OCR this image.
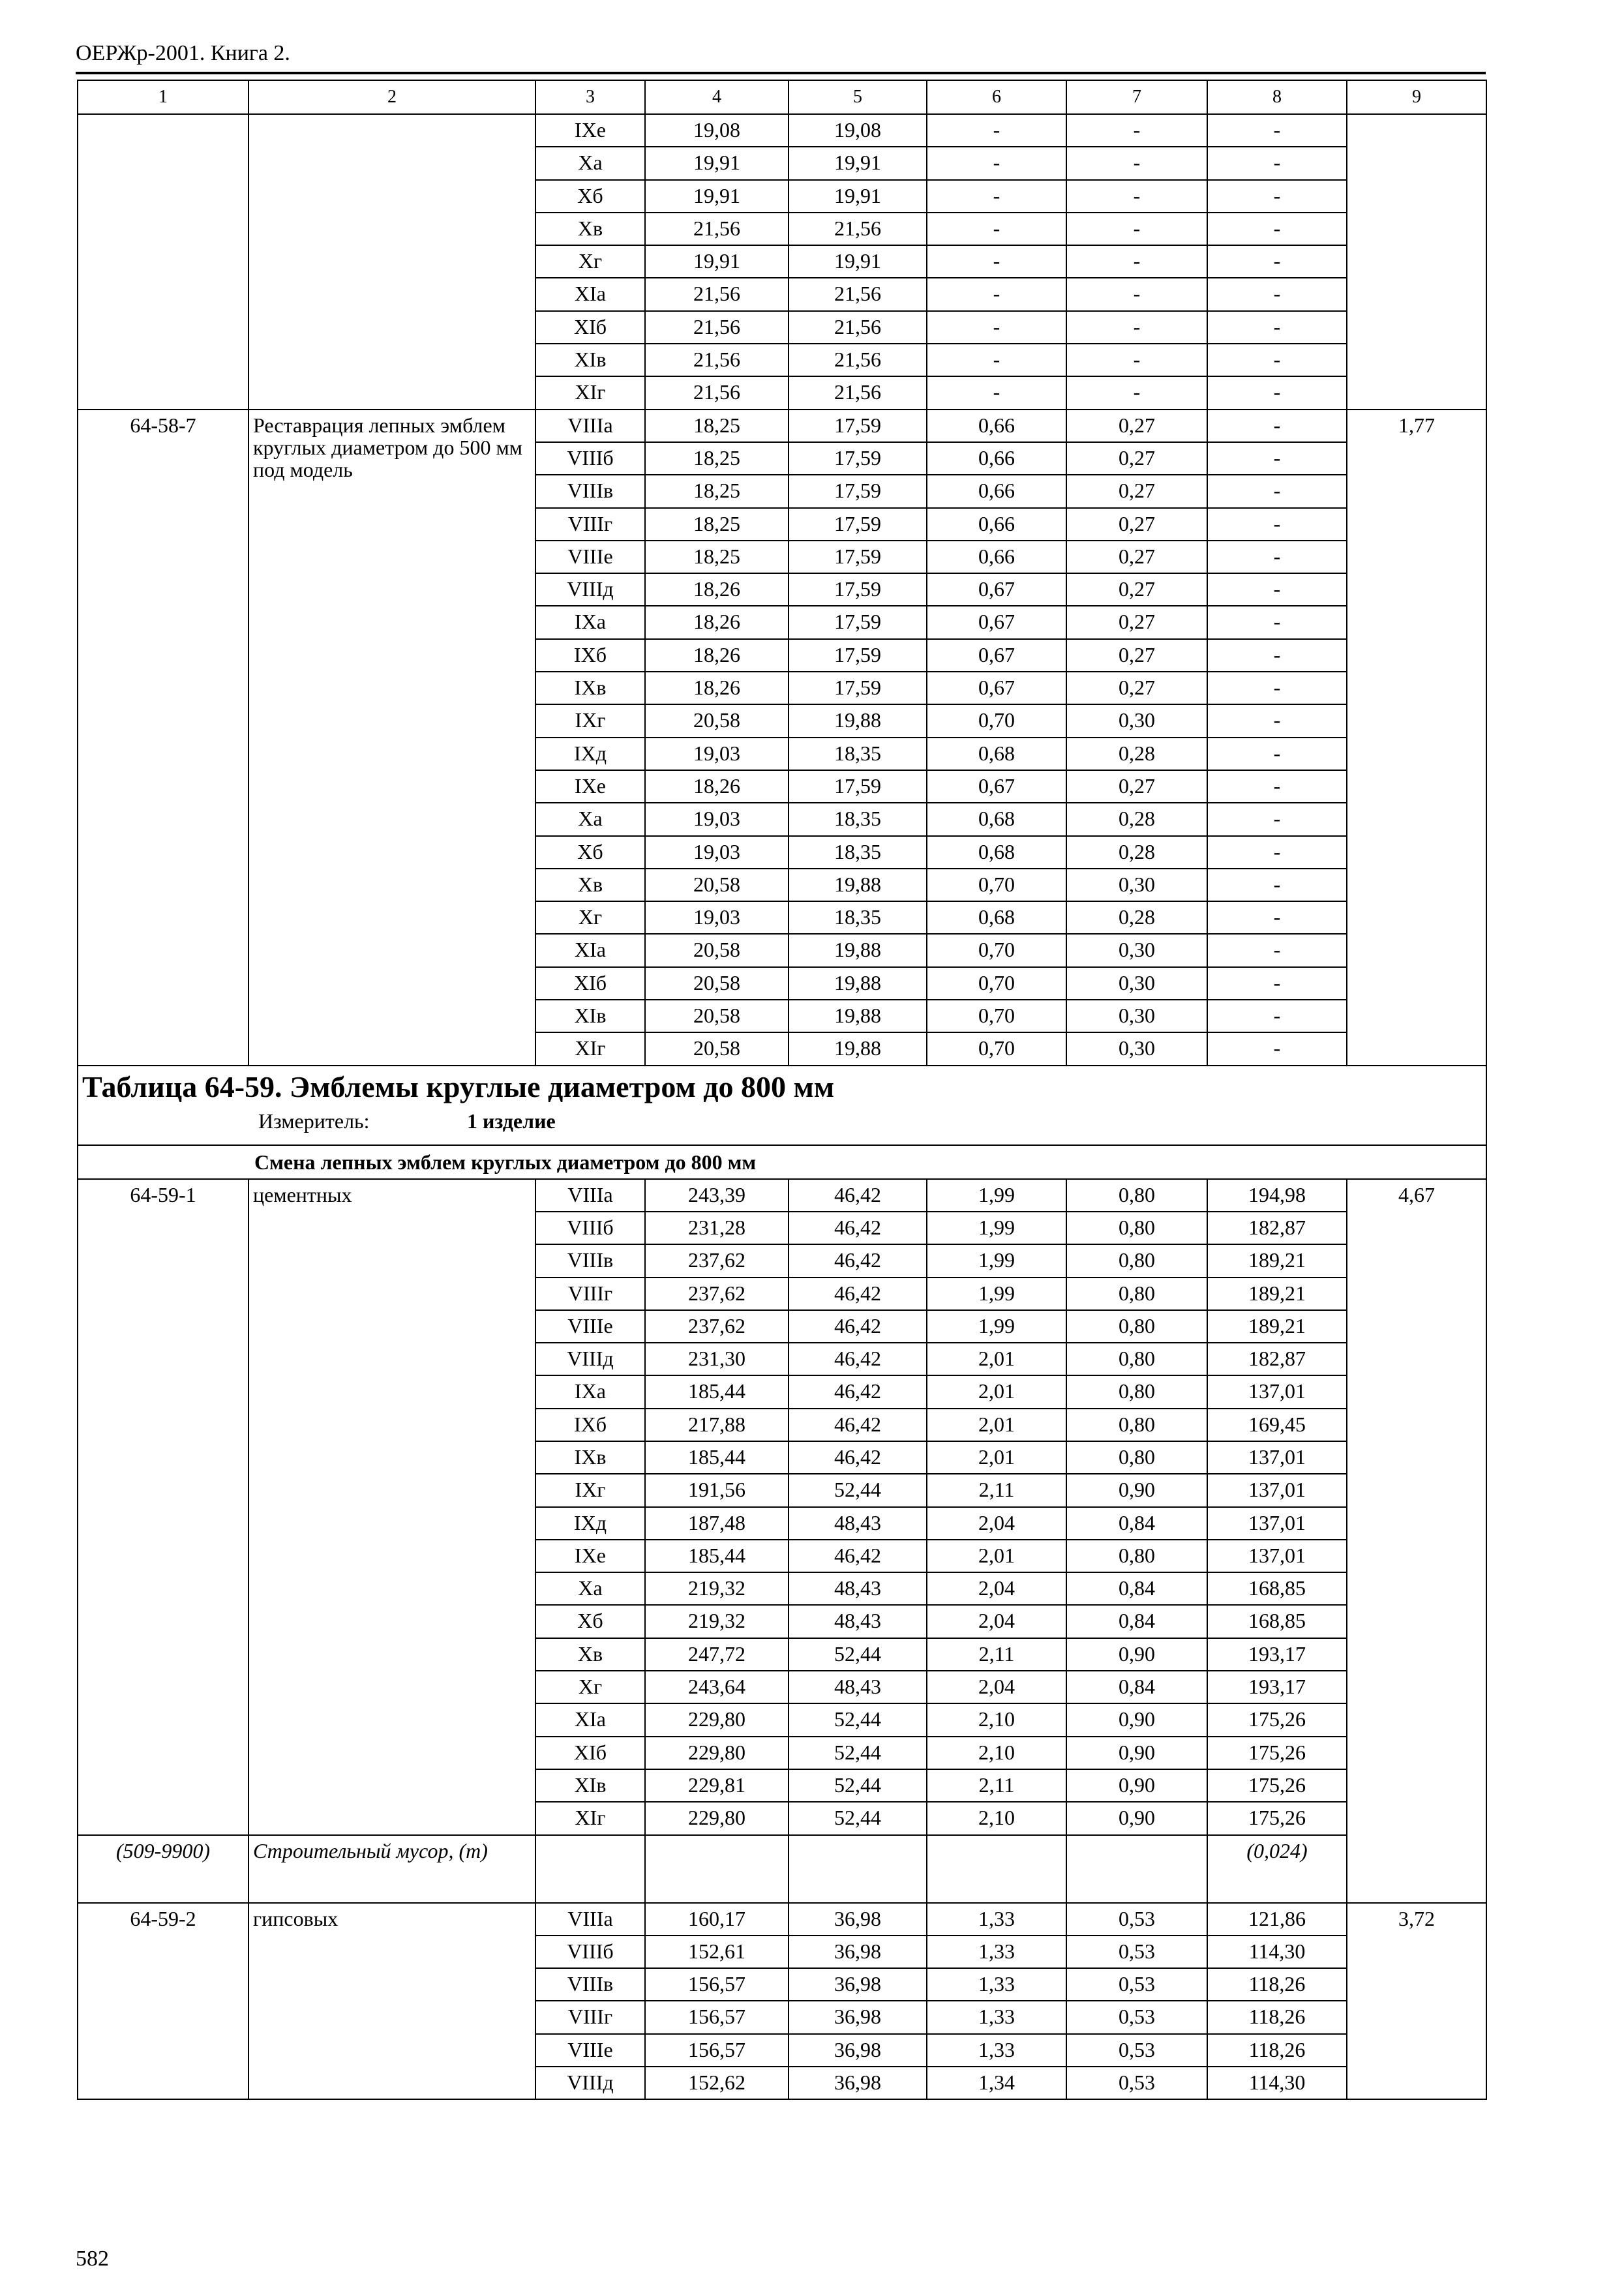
ОЕРЖр-2001. Книга 2.
1	2	3	4	5	6	7	8	9
		IXе	19,08	19,08	-	-	-	
		Xа	19,91	19,91	-	-	-	
		Xб	19,91	19,91	-	-	-	
		Xв	21,56	21,56	-	-	-	
		Xг	19,91	19,91	-	-	-	
		XIа	21,56	21,56	-	-	-	
		XIб	21,56	21,56	-	-	-	
		XIв	21,56	21,56	-	-	-	
		XIг	21,56	21,56	-	-	-	
64-58-7	Реставрация лепных эмблем круглых диаметром до 500 мм под модель	VIIIа	18,25	17,59	0,66	0,27	-	1,77
		VIIIб	18,25	17,59	0,66	0,27	-	
		VIIIв	18,25	17,59	0,66	0,27	-	
		VIIIг	18,25	17,59	0,66	0,27	-	
		VIIIе	18,25	17,59	0,66	0,27	-	
		VIIIд	18,26	17,59	0,67	0,27	-	
		IXа	18,26	17,59	0,67	0,27	-	
		IXб	18,26	17,59	0,67	0,27	-	
		IXв	18,26	17,59	0,67	0,27	-	
		IXг	20,58	19,88	0,70	0,30	-	
		IXд	19,03	18,35	0,68	0,28	-	
		IXе	18,26	17,59	0,67	0,27	-	
		Xа	19,03	18,35	0,68	0,28	-	
		Xб	19,03	18,35	0,68	0,28	-	
		Xв	20,58	19,88	0,70	0,30	-	
		Xг	19,03	18,35	0,68	0,28	-	
		XIа	20,58	19,88	0,70	0,30	-	
		XIб	20,58	19,88	0,70	0,30	-	
		XIв	20,58	19,88	0,70	0,30	-	
		XIг	20,58	19,88	0,70	0,30	-	

Таблица 64-59. Эмблемы круглые диаметром до 800 мм
Измеритель: 1 изделие								

Смена лепных эмблем круглых диаметром до 800 мм								
64-59-1	цементных	VIIIа	243,39	46,42	1,99	0,80	194,98	4,67
		VIIIб	231,28	46,42	1,99	0,80	182,87	
		VIIIв	237,62	46,42	1,99	0,80	189,21	
		VIIIг	237,62	46,42	1,99	0,80	189,21	
		VIIIе	237,62	46,42	1,99	0,80	189,21	
		VIIIд	231,30	46,42	2,01	0,80	182,87	
		IXа	185,44	46,42	2,01	0,80	137,01	
		IXб	217,88	46,42	2,01	0,80	169,45	
		IXв	185,44	46,42	2,01	0,80	137,01	
		IXг	191,56	52,44	2,11	0,90	137,01	
		IXд	187,48	48,43	2,04	0,84	137,01	
		IXе	185,44	46,42	2,01	0,80	137,01	
		Xа	219,32	48,43	2,04	0,84	168,85	
		Xб	219,32	48,43	2,04	0,84	168,85	
		Xв	247,72	52,44	2,11	0,90	193,17	
		Xг	243,64	48,43	2,04	0,84	193,17	
		XIа	229,80	52,44	2,10	0,90	175,26	
		XIб	229,80	52,44	2,10	0,90	175,26	
		XIв	229,81	52,44	2,11	0,90	175,26	
		XIг	229,80	52,44	2,10	0,90	175,26	
(509-9900)	Строительный мусор, (т)						(0,024)	
64-59-2	гипсовых	VIIIа	160,17	36,98	1,33	0,53	121,86	3,72
		VIIIб	152,61	36,98	1,33	0,53	114,30	
		VIIIв	156,57	36,98	1,33	0,53	118,26	
		VIIIг	156,57	36,98	1,33	0,53	118,26	
		VIIIе	156,57	36,98	1,33	0,53	118,26	
		VIIIд	152,62	36,98	1,34	0,53	114,30	
582
